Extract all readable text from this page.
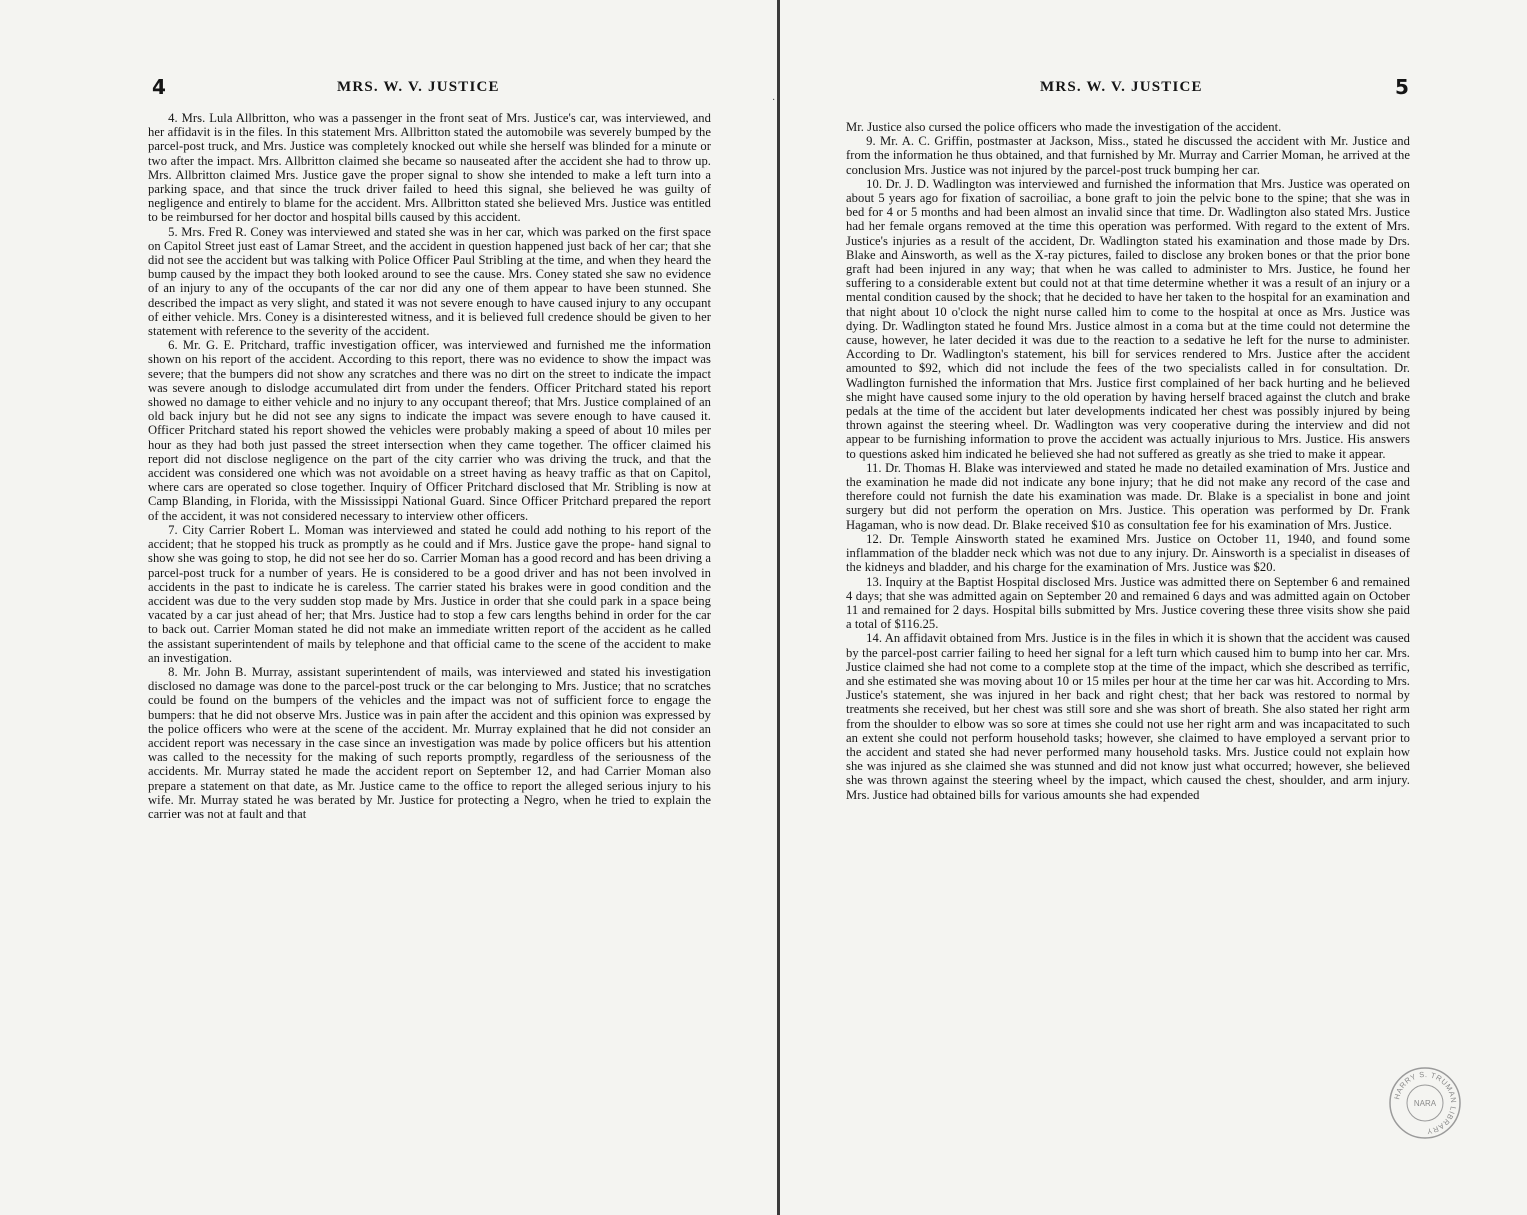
4	MRS. W. V. JUSTICE

4. Mrs. Lula Allbritton, who was a passenger in the front seat of Mrs. Justice's car, was interviewed, and her affidavit is in the files. In this statement Mrs. Allbritton stated the automobile was severely bumped by the parcel-post truck, and Mrs. Justice was completely knocked out while she herself was blinded for a minute or two after the impact. Mrs. Allbritton claimed she became so nauseated after the accident she had to throw up. Mrs. Allbritton claimed Mrs. Justice gave the proper signal to show she intended to make a left turn into a parking space, and that since the truck driver failed to heed this signal, she believed he was guilty of negligence and entirely to blame for the accident. Mrs. Allbritton stated she believed Mrs. Justice was entitled to be reimbursed for her doctor and hospital bills caused by this accident.

5. Mrs. Fred R. Coney was interviewed and stated she was in her car, which was parked on the first space on Capitol Street just east of Lamar Street, and the accident in question happened just back of her car; that she did not see the accident but was talking with Police Officer Paul Stribling at the time, and when they heard the bump caused by the impact they both looked around to see the cause. Mrs. Coney stated she saw no evidence of an injury to any of the occupants of the car nor did any one of them appear to have been stunned. She described the impact as very slight, and stated it was not severe enough to have caused injury to any occupant of either vehicle. Mrs. Coney is a disinterested witness, and it is believed full credence should be given to her statement with reference to the severity of the accident.

6. Mr. G. E. Pritchard, traffic investigation officer, was interviewed and furnished me the information shown on his report of the accident. According to this report, there was no evidence to show the impact was severe; that the bumpers did not show any scratches and there was no dirt on the street to indicate the impact was severe anough to dislodge accumulated dirt from under the fenders. Officer Pritchard stated his report showed no damage to either vehicle and no injury to any occupant thereof; that Mrs. Justice complained of an old back injury but he did not see any signs to indicate the impact was severe enough to have caused it. Officer Pritchard stated his report showed the vehicles were probably making a speed of about 10 miles per hour as they had both just passed the street intersection when they came together. The officer claimed his report did not disclose negligence on the part of the city carrier who was driving the truck, and that the accident was considered one which was not avoidable on a street having as heavy traffic as that on Capitol, where cars are operated so close together. Inquiry of Officer Pritchard disclosed that Mr. Stribling is now at Camp Blanding, in Florida, with the Mississippi National Guard. Since Officer Pritchard prepared the report of the accident, it was not considered necessary to interview other officers.

7. City Carrier Robert L. Moman was interviewed and stated he could add nothing to his report of the accident; that he stopped his truck as promptly as he could and if Mrs. Justice gave the prope- hand signal to show she was going to stop, he did not see her do so. Carrier Moman has a good record and has been driving a parcel-post truck for a number of years. He is considered to be a good driver and has not been involved in accidents in the past to indicate he is careless. The carrier stated his brakes were in good condition and the accident was due to the very sudden stop made by Mrs. Justice in order that she could park in a space being vacated by a car just ahead of her; that Mrs. Justice had to stop a few cars lengths behind in order for the car to back out. Carrier Moman stated he did not make an immediate written report of the accident as he called the assistant superintendent of mails by telephone and that official came to the scene of the accident to make an investigation.

8. Mr. John B. Murray, assistant superintendent of mails, was interviewed and stated his investigation disclosed no damage was done to the parcel-post truck or the car belonging to Mrs. Justice; that no scratches could be found on the bumpers of the vehicles and the impact was not of sufficient force to engage the bumpers: that he did not observe Mrs. Justice was in pain after the accident and this opinion was expressed by the police officers who were at the scene of the accident. Mr. Murray explained that he did not consider an accident report was necessary in the case since an investigation was made by police officers but his attention was called to the necessity for the making of such reports promptly, regardless of the seriousness of the accidents. Mr. Murray stated he made the accident report on September 12, and had Carrier Moman also prepare a statement on that date, as Mr. Justice came to the office to report the alleged serious injury to his wife. Mr. Murray stated he was berated by Mr. Justice for protecting a Negro, when he tried to explain the carrier was not at fault and that

·
MRS. W. V. JUSTICE	5

Mr. Justice also cursed the police officers who made the investigation of the accident.

9. Mr. A. C. Griffin, postmaster at Jackson, Miss., stated he discussed the accident with Mr. Justice and from the information he thus obtained, and that furnished by Mr. Murray and Carrier Moman, he arrived at the conclusion Mrs. Justice was not injured by the parcel-post truck bumping her car.

10. Dr. J. D. Wadlington was interviewed and furnished the information that Mrs. Justice was operated on about 5 years ago for fixation of sacroiliac, a bone graft to join the pelvic bone to the spine; that she was in bed for 4 or 5 months and had been almost an invalid since that time. Dr. Wadlington also stated Mrs. Justice had her female organs removed at the time this operation was performed. With regard to the extent of Mrs. Justice's injuries as a result of the accident, Dr. Wadlington stated his examination and those made by Drs. Blake and Ainsworth, as well as the X-ray pictures, failed to disclose any broken bones or that the prior bone graft had been injured in any way; that when he was called to administer to Mrs. Justice, he found her suffering to a considerable extent but could not at that time determine whether it was a result of an injury or a mental condition caused by the shock; that he decided to have her taken to the hospital for an examination and that night about 10 o'clock the night nurse called him to come to the hospital at once as Mrs. Justice was dying. Dr. Wadlington stated he found Mrs. Justice almost in a coma but at the time could not determine the cause, however, he later decided it was due to the reaction to a sedative he left for the nurse to administer. According to Dr. Wadlington's statement, his bill for services rendered to Mrs. Justice after the accident amounted to $92, which did not include the fees of the two specialists called in for consultation. Dr. Wadlington furnished the information that Mrs. Justice first complained of her back hurting and he believed she might have caused some injury to the old operation by having herself braced against the clutch and brake pedals at the time of the accident but later developments indicated her chest was possibly injured by being thrown against the steering wheel. Dr. Wadlington was very cooperative during the interview and did not appear to be furnishing information to prove the accident was actually injurious to Mrs. Justice. His answers to questions asked him indicated he believed she had not suffered as greatly as she tried to make it appear.

11. Dr. Thomas H. Blake was interviewed and stated he made no detailed examination of Mrs. Justice and the examination he made did not indicate any bone injury; that he did not make any record of the case and therefore could not furnish the date his examination was made. Dr. Blake is a specialist in bone and joint surgery but did not perform the operation on Mrs. Justice. This operation was performed by Dr. Frank Hagaman, who is now dead. Dr. Blake received $10 as consultation fee for his examination of Mrs. Justice.

12. Dr. Temple Ainsworth stated he examined Mrs. Justice on October 11, 1940, and found some inflammation of the bladder neck which was not due to any injury. Dr. Ainsworth is a specialist in diseases of the kidneys and bladder, and his charge for the examination of Mrs. Justice was $20.

13. Inquiry at the Baptist Hospital disclosed Mrs. Justice was admitted there on September 6 and remained 4 days; that she was admitted again on September 20 and remained 6 days and was admitted again on October 11 and remained for 2 days. Hospital bills submitted by Mrs. Justice covering these three visits show she paid a total of $116.25.

14. An affidavit obtained from Mrs. Justice is in the files in which it is shown that the accident was caused by the parcel-post carrier failing to heed her signal for a left turn which caused him to bump into her car. Mrs. Justice claimed she had not come to a complete stop at the time of the impact, which she described as terrific, and she estimated she was moving about 10 or 15 miles per hour at the time her car was hit. According to Mrs. Justice's statement, she was injured in her back and right chest; that her back was restored to normal by treatments she received, but her chest was still sore and she was short of breath. She also stated her right arm from the shoulder to elbow was so sore at times she could not use her right arm and was incapacitated to such an extent she could not perform household tasks; however, she claimed to have employed a servant prior to the accident and stated she had never performed many household tasks. Mrs. Justice could not explain how she was injured as she claimed she was stunned and did not know just what occurred; however, she believed she was thrown against the steering wheel by the impact, which caused the chest, shoulder, and arm injury. Mrs. Justice had obtained bills for various amounts she had expended

HARRY S. TRUMAN LIBRARY
NARA
